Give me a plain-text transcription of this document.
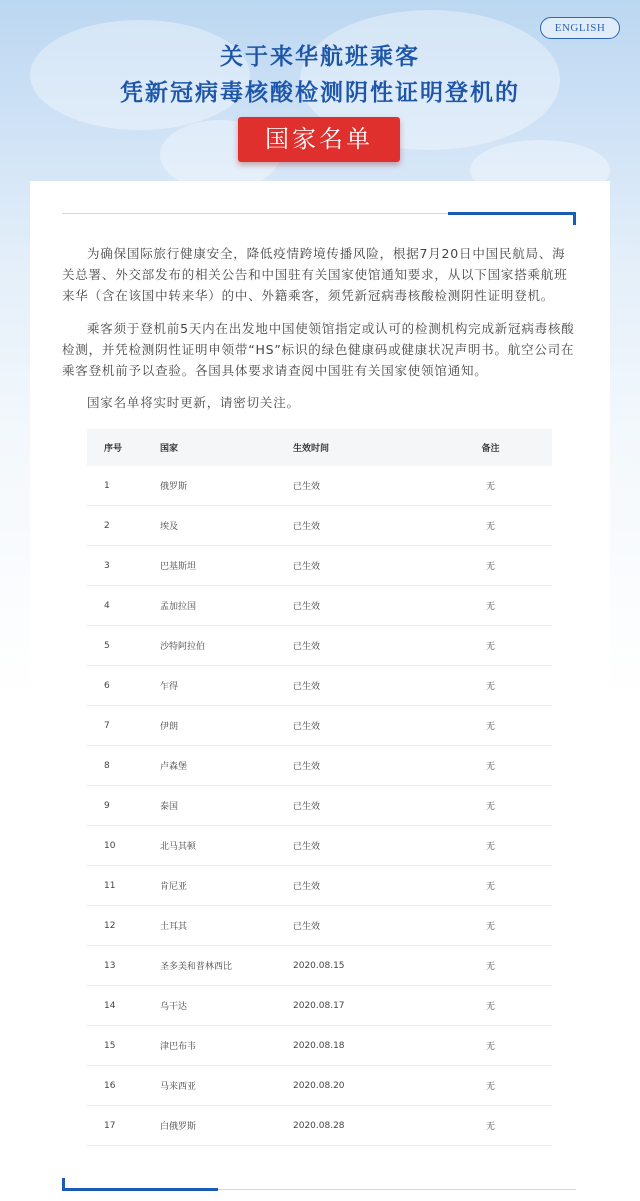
ENGLISH
关于来华航班乘客
凭新冠病毒核酸检测阴性证明登机的
国家名单

为确保国际旅行健康安全，降低疫情跨境传播风险，根据7月20日中国民航局、海关总署、外交部发布的相关公告和中国驻有关国家使馆通知要求，从以下国家搭乘航班来华（含在该国中转来华）的中、外籍乘客，须凭新冠病毒核酸检测阴性证明登机。

乘客须于登机前5天内在出发地中国使领馆指定或认可的检测机构完成新冠病毒核酸检测，并凭检测阴性证明申领带“HS”标识的绿色健康码或健康状况声明书。航空公司在乘客登机前予以查验。各国具体要求请查阅中国驻有关国家使领馆通知。

国家名单将实时更新，请密切关注。

序号	国家	生效时间	备注
1	俄罗斯	已生效	无
2	埃及	已生效	无
3	巴基斯坦	已生效	无
4	孟加拉国	已生效	无
5	沙特阿拉伯	已生效	无
6	乍得	已生效	无
7	伊朗	已生效	无
8	卢森堡	已生效	无
9	泰国	已生效	无
10	北马其顿	已生效	无
11	肯尼亚	已生效	无
12	土耳其	已生效	无
13	圣多美和普林西比	2020.08.15	无
14	乌干达	2020.08.17	无
15	津巴布韦	2020.08.18	无
16	马来西亚	2020.08.20	无
17	白俄罗斯	2020.08.28	无
